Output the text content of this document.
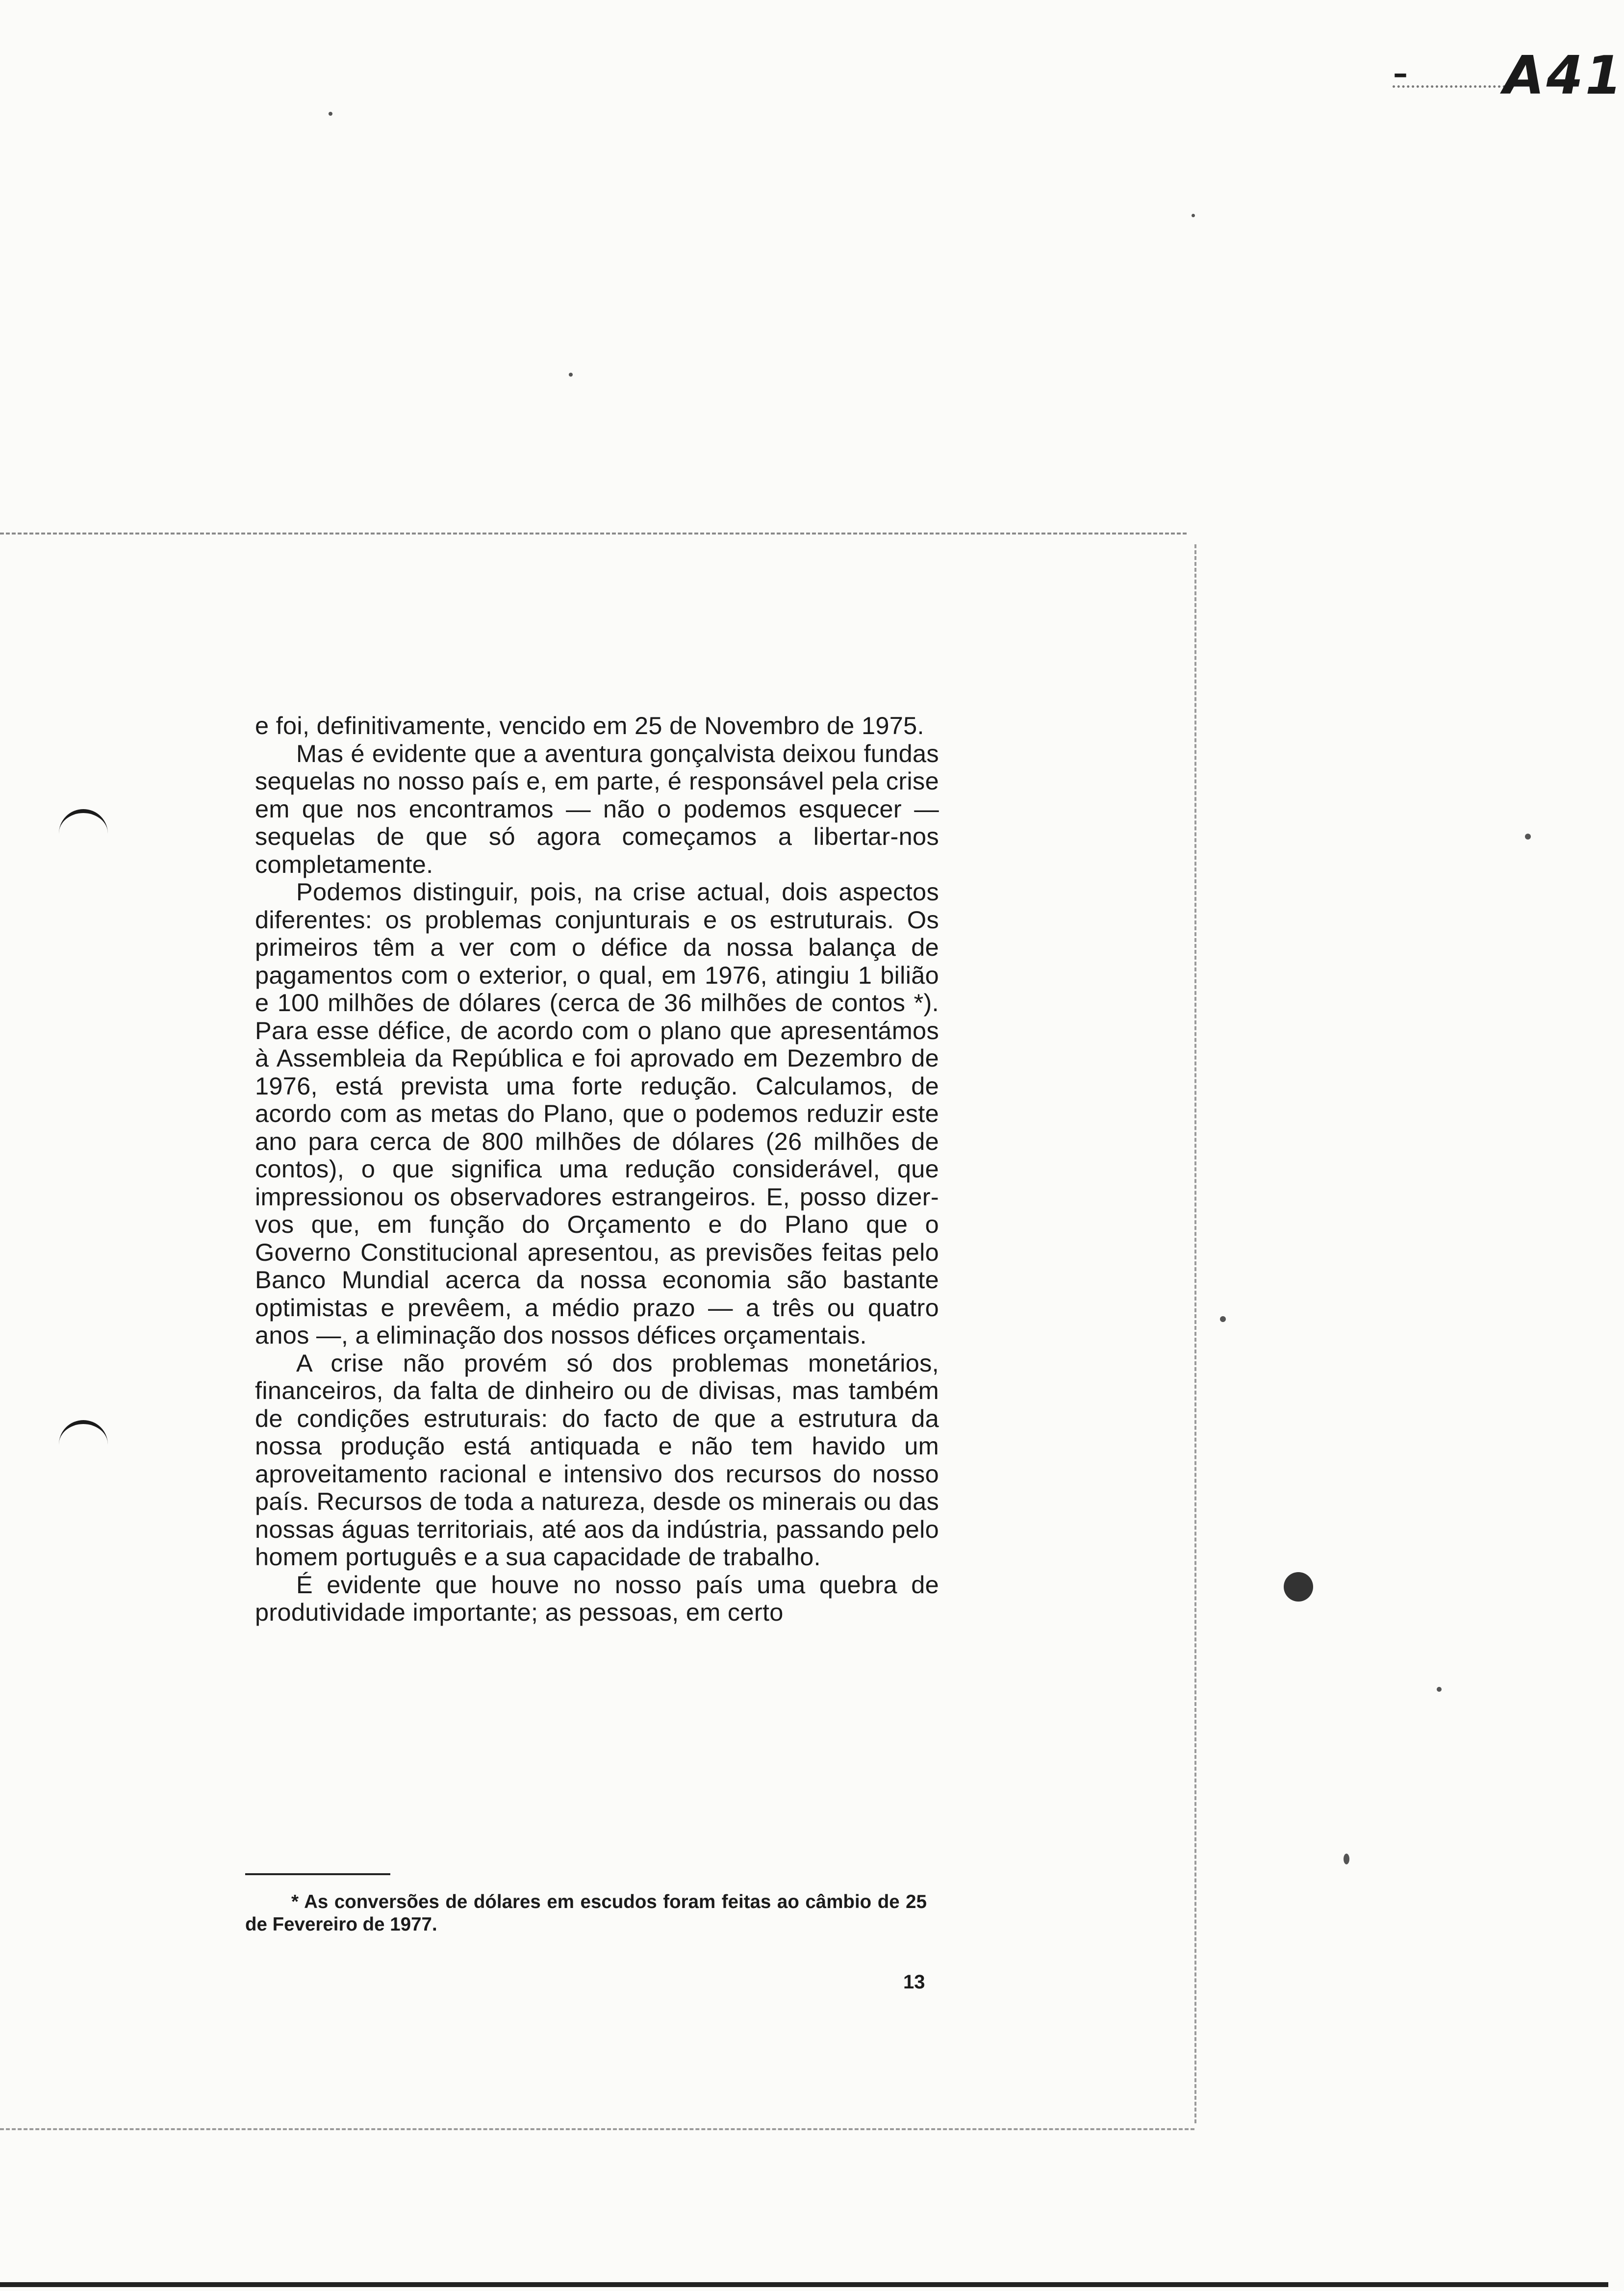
- A41

e foi, definitivamente, vencido em 25 de Novembro de 1975.

Mas é evidente que a aventura gonçalvista deixou fundas sequelas no nosso país e, em parte, é responsável pela crise em que nos encontramos — não o podemos esquecer — sequelas de que só agora começamos a libertar-nos completamente.

Podemos distinguir, pois, na crise actual, dois aspectos diferentes: os problemas conjunturais e os estruturais. Os primeiros têm a ver com o défice da nossa balança de pagamentos com o exterior, o qual, em 1976, atingiu 1 bilião e 100 milhões de dólares (cerca de 36 milhões de contos *). Para esse défice, de acordo com o plano que apresentámos à Assembleia da República e foi aprovado em Dezembro de 1976, está prevista uma forte redução. Calculamos, de acordo com as metas do Plano, que o podemos reduzir este ano para cerca de 800 milhões de dólares (26 milhões de contos), o que significa uma redução considerável, que impressionou os observadores estrangeiros. E, posso dizer-vos que, em função do Orçamento e do Plano que o Governo Constitucional apresentou, as previsões feitas pelo Banco Mundial acerca da nossa economia são bastante optimistas e prevêem, a médio prazo — a três ou quatro anos —, a eliminação dos nossos défices orçamentais.

A crise não provém só dos problemas monetários, financeiros, da falta de dinheiro ou de divisas, mas também de condições estruturais: do facto de que a estrutura da nossa produção está antiquada e não tem havido um aproveitamento racional e intensivo dos recursos do nosso país. Recursos de toda a natureza, desde os minerais ou das nossas águas territoriais, até aos da indústria, passando pelo homem português e a sua capacidade de trabalho.

É evidente que houve no nosso país uma quebra de produtividade importante; as pessoas, em certo

* As conversões de dólares em escudos foram feitas ao câmbio de 25 de Fevereiro de 1977.
13
